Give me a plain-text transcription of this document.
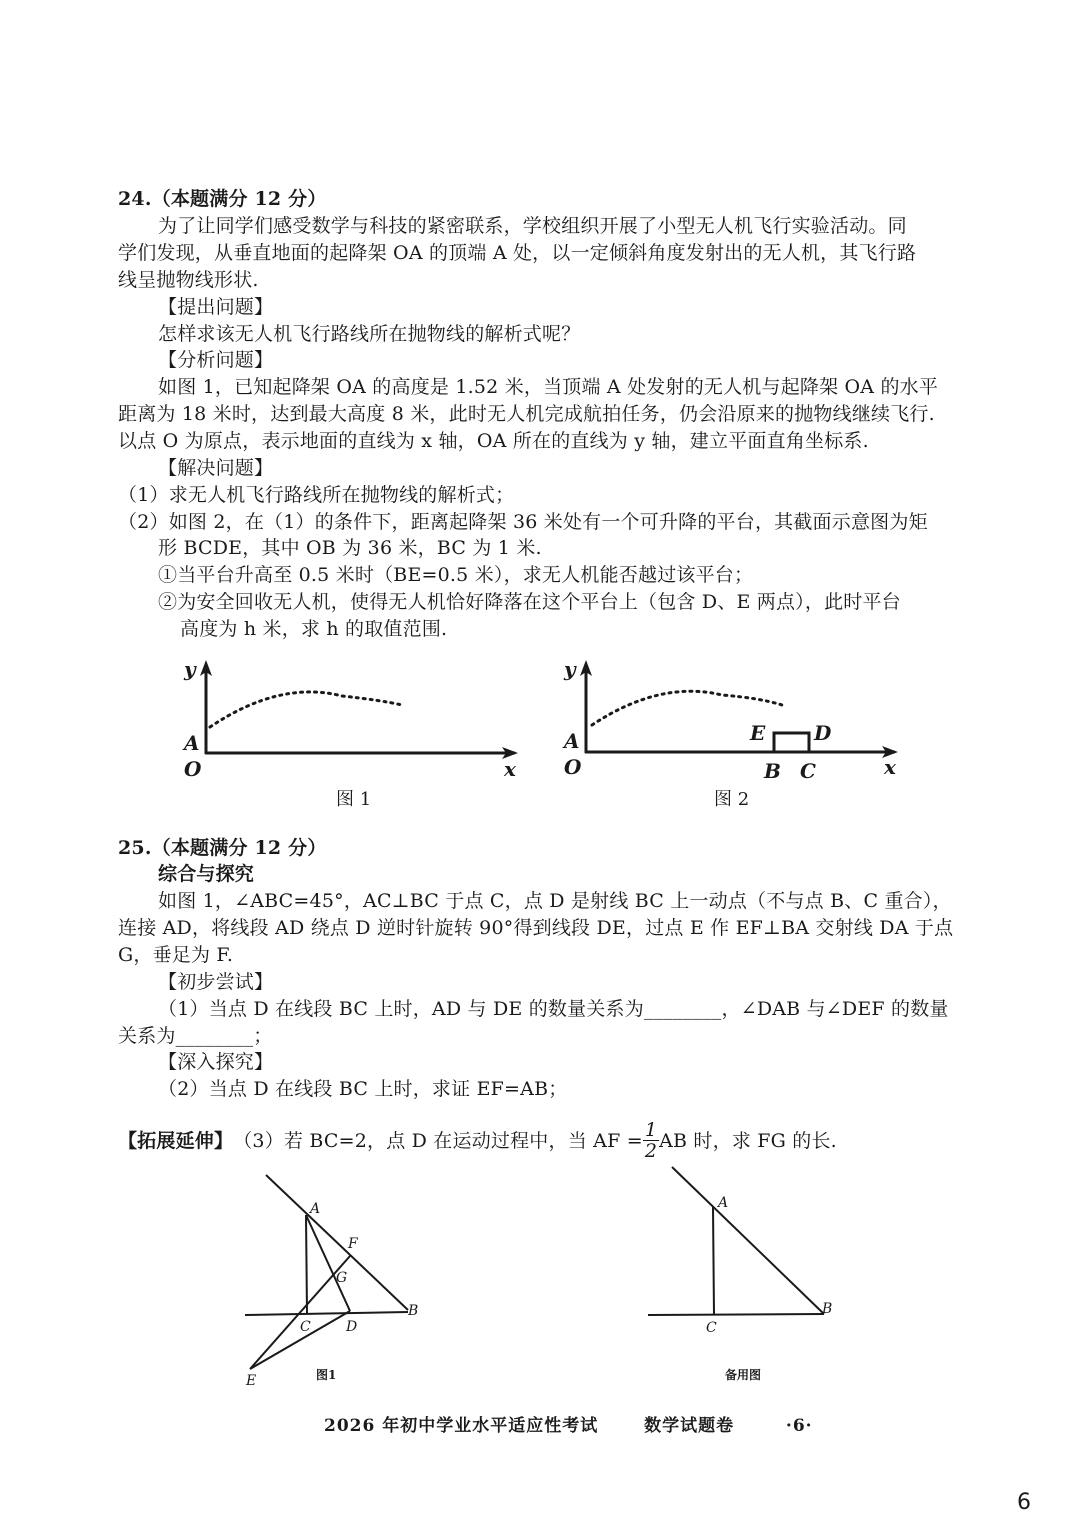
24.（本题满分 12 分）
为了让同学们感受数学与科技的紧密联系，学校组织开展了小型无人机飞行实验活动。同
学们发现，从垂直地面的起降架 OA 的顶端 A 处，以一定倾斜角度发射出的无人机，其飞行路
线呈抛物线形状.
【提出问题】
怎样求该无人机飞行路线所在抛物线的解析式呢？
【分析问题】
如图 1，已知起降架 OA 的高度是 1.52 米，当顶端 A 处发射的无人机与起降架 OA 的水平
距离为 18 米时，达到最大高度 8 米，此时无人机完成航拍任务，仍会沿原来的抛物线继续飞行.
以点 O 为原点，表示地面的直线为 x 轴，OA 所在的直线为 y 轴，建立平面直角坐标系.
【解决问题】
（1）求无人机飞行路线所在抛物线的解析式；
（2）如图 2，在（1）的条件下，距离起降架 36 米处有一个可升降的平台，其截面示意图为矩
形 BCDE，其中 OB 为 36 米，BC 为 1 米.
①当平台升高至 0.5 米时（BE=0.5 米），求无人机能否越过该平台；
②为安全回收无人机，使得无人机恰好降落在这个平台上（包含 D、E 两点），此时平台
高度为 h 米，求 h 的取值范围.
y
A
O	x
图 1
y
A
O	x
E D
B C
图 2
25.（本题满分 12 分）
综合与探究
如图 1，∠ABC=45°，AC⊥BC 于点 C，点 D 是射线 BC 上一动点（不与点 B、C 重合），
连接 AD，将线段 AD 绕点 D 逆时针旋转 90°得到线段 DE，过点 E 作 EF⊥BA 交射线 DA 于点
G，垂足为 F.
【初步尝试】
（1）当点 D 在线段 BC 上时，AD 与 DE 的数量关系为________，∠DAB 与∠DEF 的数量
关系为________；
【深入探究】
（2）当点 D 在线段 BC 上时，求证 EF=AB；
【拓展延伸】 （3）若 BC=2，点 D 在运动过程中，当 AF = $\frac{1}{2}$ AB 时，求 FG 的长.
A
F
G
B
C	D
E	图1
A
B
C
备用图
2026 年初中学业水平适应性考试	数学试题卷	·6·
6
